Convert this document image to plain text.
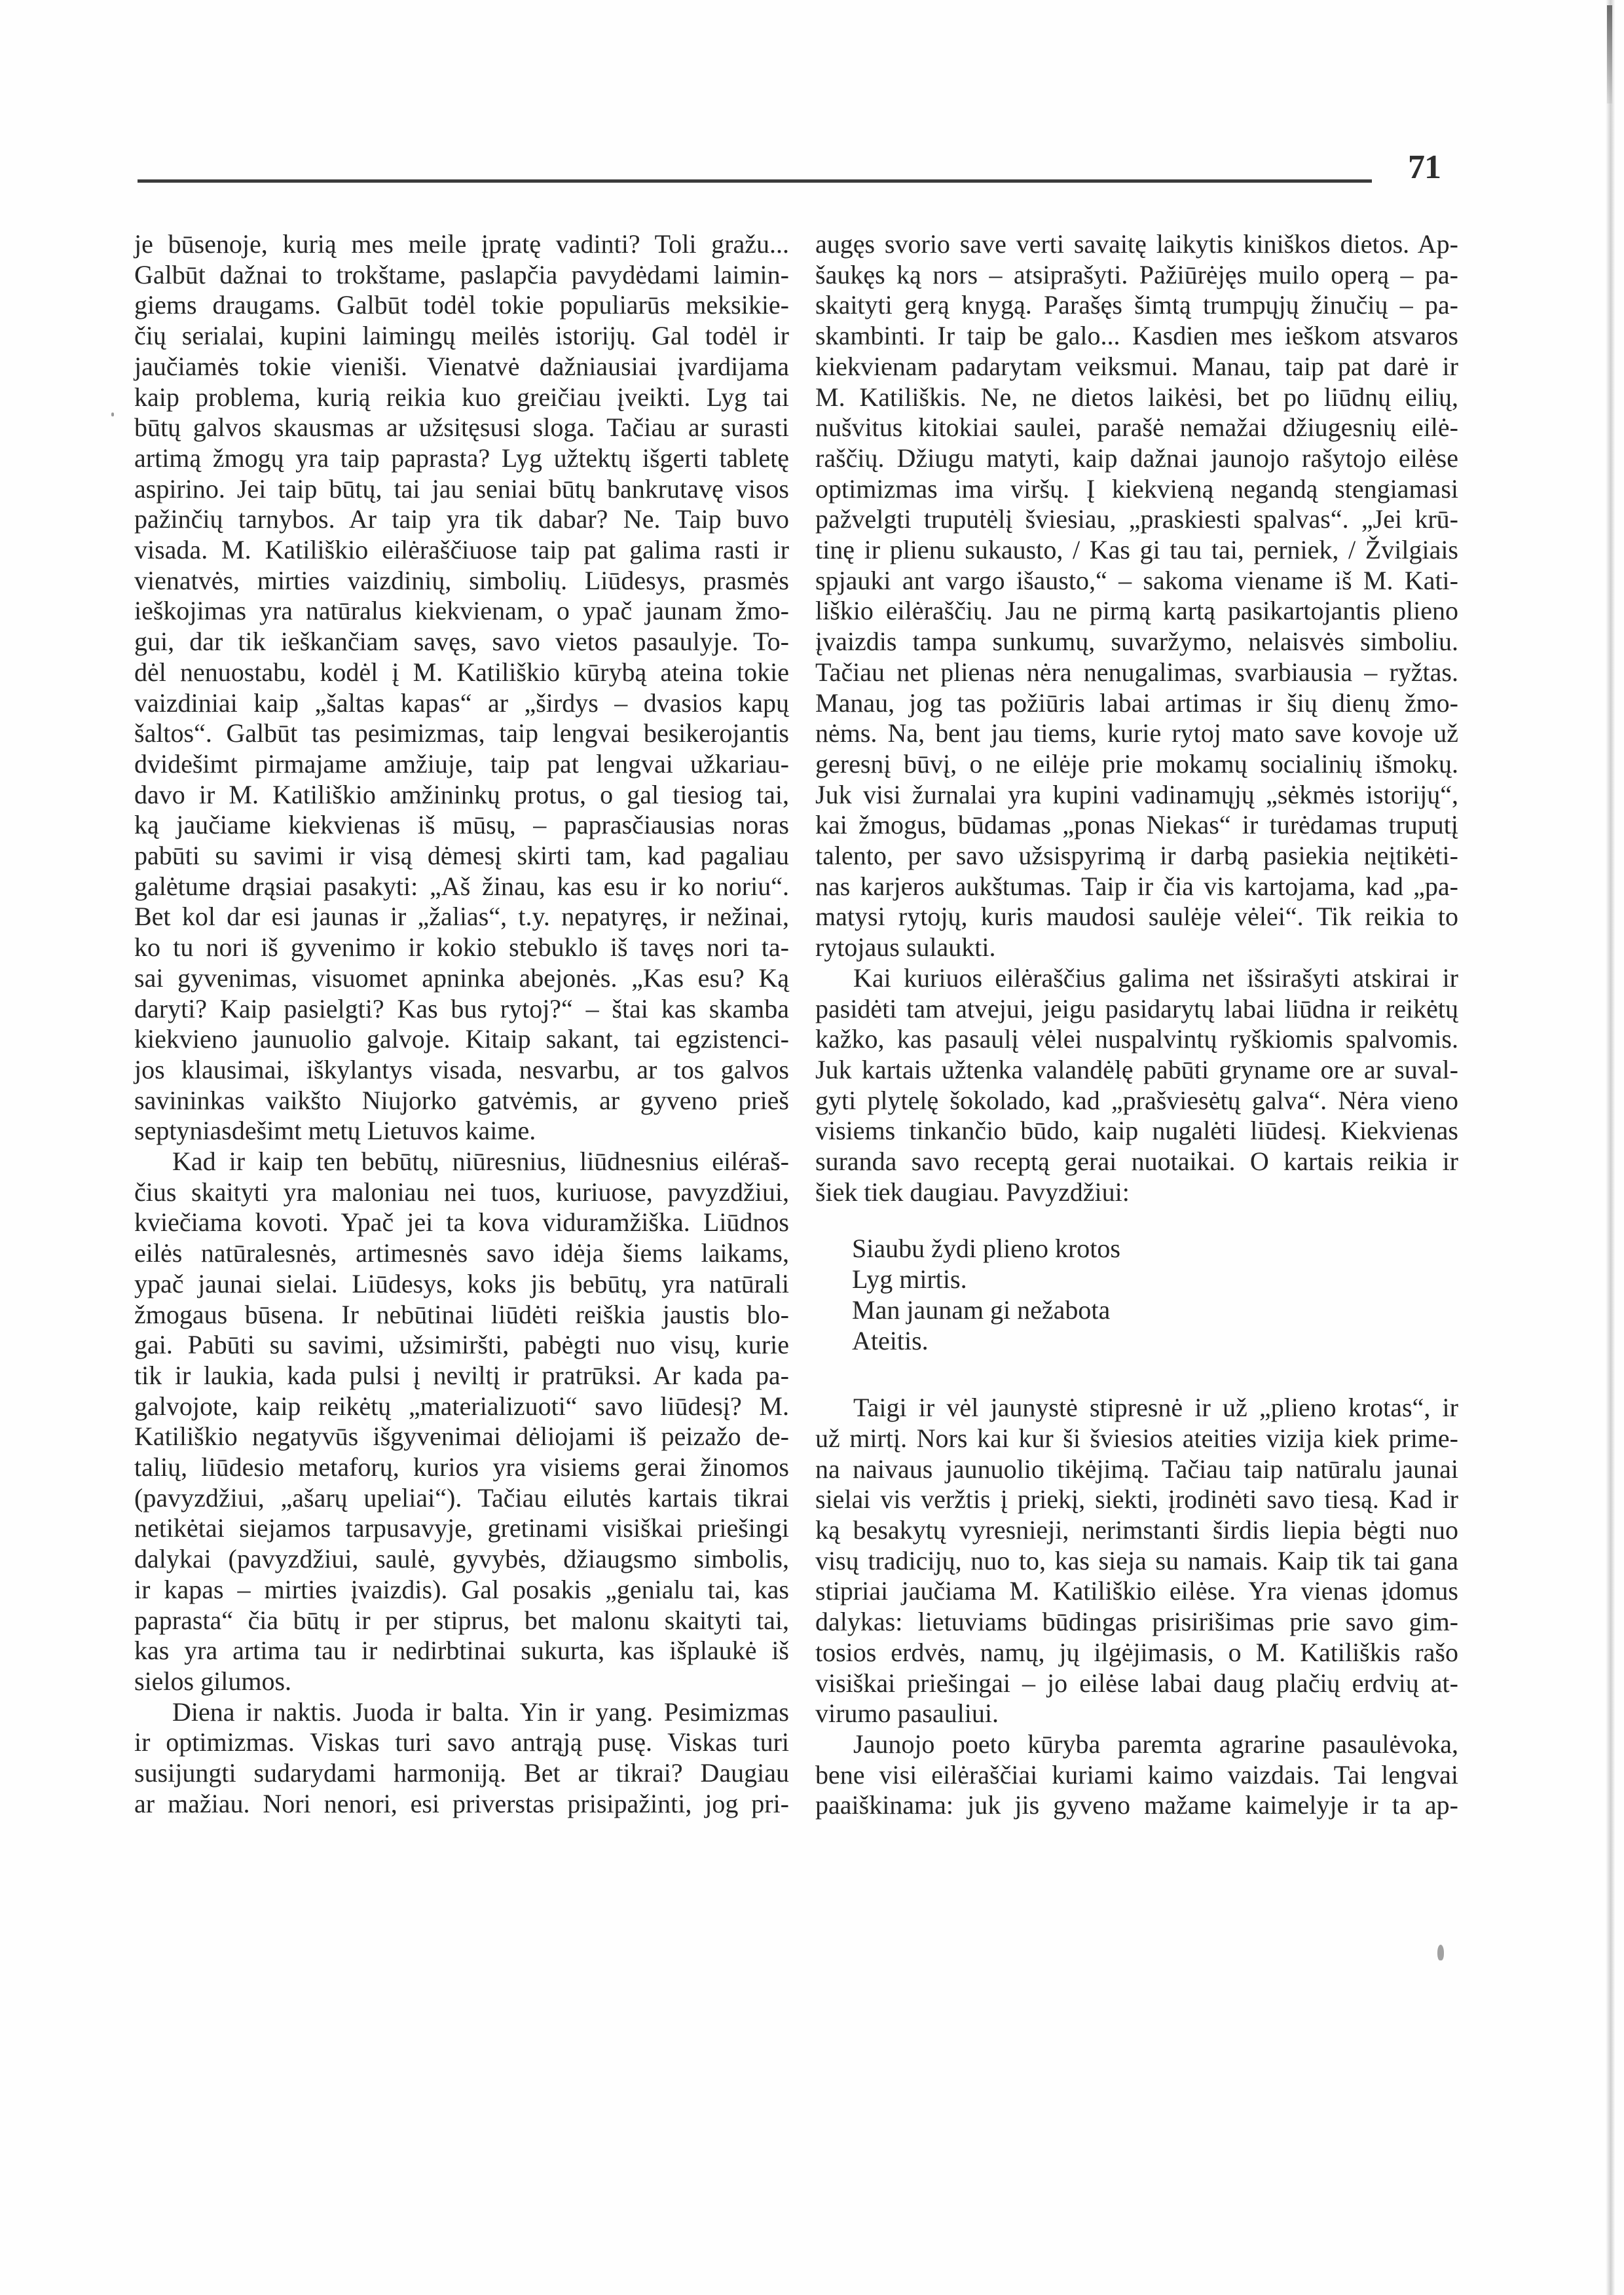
71
je būsenoje, kurią mes meile įpratę vadinti? Toli gražu...
Galbūt dažnai to trokštame, paslapčia pavydėdami laimin-
giems draugams. Galbūt todėl tokie populiarūs meksikie-
čių serialai, kupini laimingų meilės istorijų. Gal todėl ir
jaučiamės tokie vieniši. Vienatvė dažniausiai įvardijama
kaip problema, kurią reikia kuo greičiau įveikti. Lyg tai
būtų galvos skausmas ar užsitęsusi sloga. Tačiau ar surasti
artimą žmogų yra taip paprasta? Lyg užtektų išgerti tabletę
aspirino. Jei taip būtų, tai jau seniai būtų bankrutavę visos
pažinčių tarnybos. Ar taip yra tik dabar? Ne. Taip buvo
visada. M. Katiliškio eilėraščiuose taip pat galima rasti ir
vienatvės, mirties vaizdinių, simbolių. Liūdesys, prasmės
ieškojimas yra natūralus kiekvienam, o ypač jaunam žmo-
gui, dar tik ieškančiam savęs, savo vietos pasaulyje. To-
dėl nenuostabu, kodėl į M. Katiliškio kūrybą ateina tokie
vaizdiniai kaip „šaltas kapas“ ar „širdys – dvasios kapų
šaltos“. Galbūt tas pesimizmas, taip lengvai besikerojantis
dvidešimt pirmajame amžiuje, taip pat lengvai užkariau-
davo ir M. Katiliškio amžininkų protus, o gal tiesiog tai,
ką jaučiame kiekvienas iš mūsų, – paprasčiausias noras
pabūti su savimi ir visą dėmesį skirti tam, kad pagaliau
galėtume drąsiai pasakyti: „Aš žinau, kas esu ir ko noriu“.
Bet kol dar esi jaunas ir „žalias“, t.y. nepatyręs, ir nežinai,
ko tu nori iš gyvenimo ir kokio stebuklo iš tavęs nori ta-
sai gyvenimas, visuomet apninka abejonės. „Kas esu? Ką
daryti? Kaip pasielgti? Kas bus rytoj?“ – štai kas skamba
kiekvieno jaunuolio galvoje. Kitaip sakant, tai egzistenci-
jos klausimai, iškylantys visada, nesvarbu, ar tos galvos
savininkas vaikšto Niujorko gatvėmis, ar gyveno prieš
septyniasdešimt metų Lietuvos kaime.
Kad ir kaip ten bebūtų, niūresnius, liūdnesnius eiléraš-
čius skaityti yra maloniau nei tuos, kuriuose, pavyzdžiui,
kviečiama kovoti. Ypač jei ta kova viduramžiška. Liūdnos
eilės natūralesnės, artimesnės savo idėja šiems laikams,
ypač jaunai sielai. Liūdesys, koks jis bebūtų, yra natūrali
žmogaus būsena. Ir nebūtinai liūdėti reiškia jaustis blo-
gai. Pabūti su savimi, užsimiršti, pabėgti nuo visų, kurie
tik ir laukia, kada pulsi į neviltį ir pratrūksi. Ar kada pa-
galvojote, kaip reikėtų „materializuoti“ savo liūdesį? M.
Katiliškio negatyvūs išgyvenimai dėliojami iš peizažo de-
talių, liūdesio metaforų, kurios yra visiems gerai žinomos
(pavyzdžiui, „ašarų upeliai“). Tačiau eilutės kartais tikrai
netikėtai siejamos tarpusavyje, gretinami visiškai priešingi
dalykai (pavyzdžiui, saulė, gyvybės, džiaugsmo simbolis,
ir kapas – mirties įvaizdis). Gal posakis „genialu tai, kas
paprasta“ čia būtų ir per stiprus, bet malonu skaityti tai,
kas yra artima tau ir nedirbtinai sukurta, kas išplaukė iš
sielos gilumos.
Diena ir naktis. Juoda ir balta. Yin ir yang. Pesimizmas
ir optimizmas. Viskas turi savo antrąją pusę. Viskas turi
susijungti sudarydami harmoniją. Bet ar tikrai? Daugiau
ar mažiau. Nori nenori, esi priverstas prisipažinti, jog pri-
augęs svorio save verti savaitę laikytis kiniškos dietos. Ap-
šaukęs ką nors – atsiprašyti. Pažiūrėjęs muilo operą – pa-
skaityti gerą knygą. Parašęs šimtą trumpųjų žinučių – pa-
skambinti. Ir taip be galo... Kasdien mes ieškom atsvaros
kiekvienam padarytam veiksmui. Manau, taip pat darė ir
M. Katiliškis. Ne, ne dietos laikėsi, bet po liūdnų eilių,
nušvitus kitokiai saulei, parašė nemažai džiugesnių eilė-
raščių. Džiugu matyti, kaip dažnai jaunojo rašytojo eilėse
optimizmas ima viršų. Į kiekvieną negandą stengiamasi
pažvelgti truputėlį šviesiau, „praskiesti spalvas“. „Jei krū-
tinę ir plienu sukausto, / Kas gi tau tai, perniek, / Žvilgiais
spjauki ant vargo išausto,“ – sakoma viename iš M. Kati-
liškio eilėraščių. Jau ne pirmą kartą pasikartojantis plieno
įvaizdis tampa sunkumų, suvaržymo, nelaisvės simboliu.
Tačiau net plienas nėra nenugalimas, svarbiausia – ryžtas.
Manau, jog tas požiūris labai artimas ir šių dienų žmo-
nėms. Na, bent jau tiems, kurie rytoj mato save kovoje už
geresnį būvį, o ne eilėje prie mokamų socialinių išmokų.
Juk visi žurnalai yra kupini vadinamųjų „sėkmės istorijų“,
kai žmogus, būdamas „ponas Niekas“ ir turėdamas truputį
talento, per savo užsispyrimą ir darbą pasiekia neįtikėti-
nas karjeros aukštumas. Taip ir čia vis kartojama, kad „pa-
matysi rytojų, kuris maudosi saulėje vėlei“. Tik reikia to
rytojaus sulaukti.
Kai kuriuos eilėraščius galima net išsirašyti atskirai ir
pasidėti tam atvejui, jeigu pasidarytų labai liūdna ir reikėtų
kažko, kas pasaulį vėlei nuspalvintų ryškiomis spalvomis.
Juk kartais užtenka valandėlę pabūti gryname ore ar suval-
gyti plytelę šokolado, kad „prašviesėtų galva“. Nėra vieno
visiems tinkančio būdo, kaip nugalėti liūdesį. Kiekvienas
suranda savo receptą gerai nuotaikai. O kartais reikia ir
šiek tiek daugiau. Pavyzdžiui:
Siaubu žydi plieno krotos
Lyg mirtis.
Man jaunam gi nežabota
Ateitis.
Taigi ir vėl jaunystė stipresnė ir už „plieno krotas“, ir
už mirtį. Nors kai kur ši šviesios ateities vizija kiek prime-
na naivaus jaunuolio tikėjimą. Tačiau taip natūralu jaunai
sielai vis veržtis į priekį, siekti, įrodinėti savo tiesą. Kad ir
ką besakytų vyresnieji, nerimstanti širdis liepia bėgti nuo
visų tradicijų, nuo to, kas sieja su namais. Kaip tik tai gana
stipriai jaučiama M. Katiliškio eilėse. Yra vienas įdomus
dalykas: lietuviams būdingas prisirišimas prie savo gim-
tosios erdvės, namų, jų ilgėjimasis, o M. Katiliškis rašo
visiškai priešingai – jo eilėse labai daug plačių erdvių at-
virumo pasauliui.
Jaunojo poeto kūryba paremta agrarine pasaulėvoka,
bene visi eilėraščiai kuriami kaimo vaizdais. Tai lengvai
paaiškinama: juk jis gyveno mažame kaimelyje ir ta ap-
